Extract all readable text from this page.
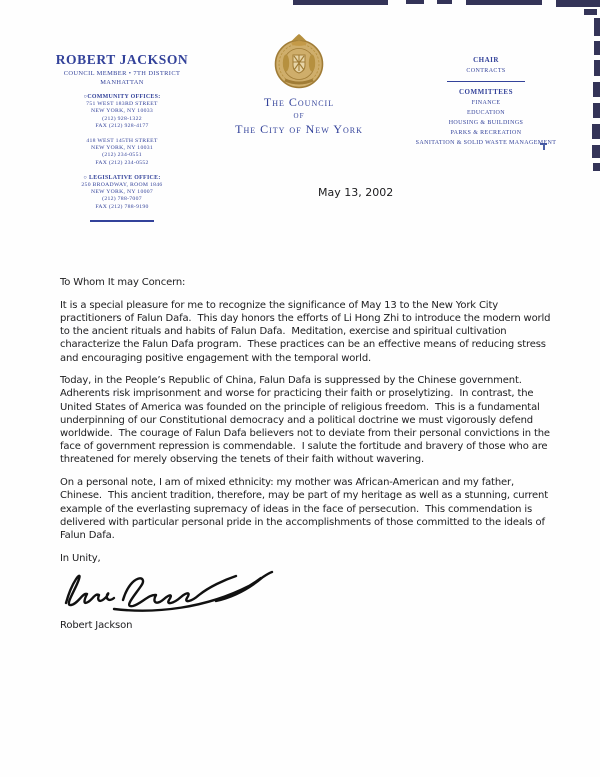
ROBERT JACKSON
COUNCIL MEMBER • 7TH DISTRICT
MANHATTAN
○COMMUNITY OFFICES:
751 WEST 183RD STREET
NEW YORK, NY 10033
(212) 928-1322
FAX (212) 928-4177
418 WEST 145TH STREET
NEW YORK, NY 10031
(212) 234-0551
FAX (212) 234-0552
○ LEGISLATIVE OFFICE:
250 BROADWAY, ROOM 1846
NEW YORK, NY 10007
(212) 788-7007
FAX (212) 788-9190
The Council
of
The City of New York
CHAIR
CONTRACTS
COMMITTEES
FINANCE
EDUCATION
HOUSING & BUILDINGS
PARKS & RECREATION
SANITATION & SOLID WASTE MANAGEMENT
May 13, 2002
To Whom It may Concern:

It is a special pleasure for me to recognize the significance of May 13 to the New York City practitioners of Falun Dafa.  This day honors the efforts of Li Hong Zhi to introduce the modern world to the ancient rituals and habits of Falun Dafa.  Meditation, exercise and spiritual cultivation characterize the Falun Dafa program.  These practices can be an effective means of reducing stress and encouraging positive engagement with the temporal world.

Today, in the People’s Republic of China, Falun Dafa is suppressed by the Chinese government. Adherents risk imprisonment and worse for practicing their faith or proselytizing.  In contrast, the United States of America was founded on the principle of religious freedom.  This is a fundamental underpinning of our Constitutional democracy and a political doctrine we must vigorously defend worldwide.  The courage of Falun Dafa believers not to deviate from their personal convictions in the face of government repression is commendable.  I salute the fortitude and bravery of those who are threatened for merely observing the tenets of their faith without wavering.

On a personal note, I am of mixed ethnicity: my mother was African-American and my father, Chinese.  This ancient tradition, therefore, may be part of my heritage as well as a stunning, current example of the everlasting supremacy of ideas in the face of persecution.  This commendation is delivered with particular personal pride in the accomplishments of those committed to the ideals of Falun Dafa.

In Unity,
Robert Jackson
